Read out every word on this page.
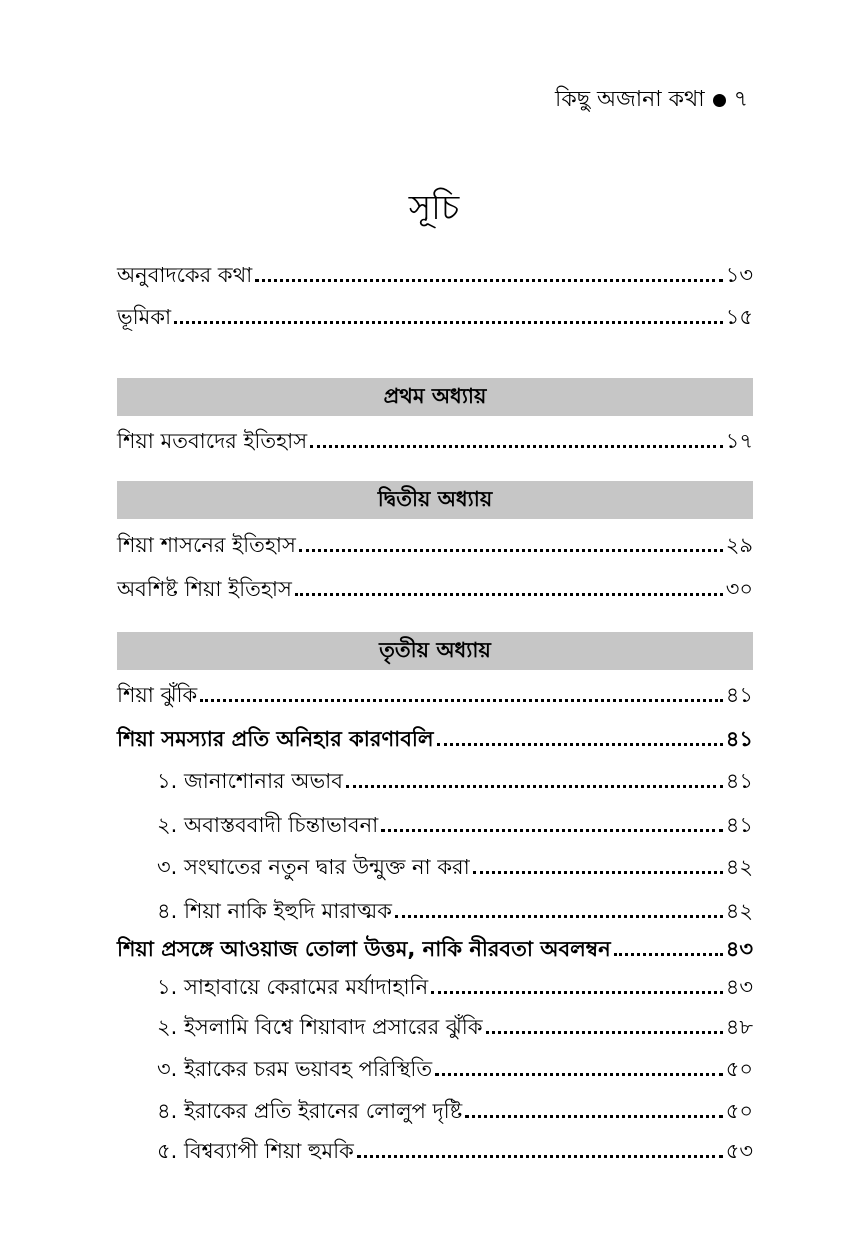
কিছু অজানা কথা ৭
সূচি
অনুবাদকের কথা	১৩
ভূমিকা	১৫
প্রথম অধ্যায়
শিয়া মতবাদের ইতিহাস	১৭
দ্বিতীয় অধ্যায়
শিয়া শাসনের ইতিহাস	২৯
অবশিষ্ট শিয়া ইতিহাস	৩০
তৃতীয় অধ্যায়
শিয়া ঝুঁকি	৪১
শিয়া সমস্যার প্রতি অনিহার কারণাবলি	৪১
১. জানাশোনার অভাব	৪১
২. অবাস্তববাদী চিন্তাভাবনা	৪১
৩. সংঘাতের নতুন দ্বার উন্মুক্ত না করা	৪২
৪. শিয়া নাকি ইহুদি মারাত্মক	৪২
শিয়া প্রসঙ্গে আওয়াজ তোলা উত্তম, নাকি নীরবতা অবলম্বন	৪৩
১. সাহাবায়ে কেরামের মর্যাদাহানি	৪৩
২. ইসলামি বিশ্বে শিয়াবাদ প্রসারের ঝুঁকি	৪৮
৩. ইরাকের চরম ভয়াবহ পরিস্থিতি	৫০
৪. ইরাকের প্রতি ইরানের লোলুপ দৃষ্টি	৫০
৫. বিশ্বব্যাপী শিয়া হুমকি	৫৩
